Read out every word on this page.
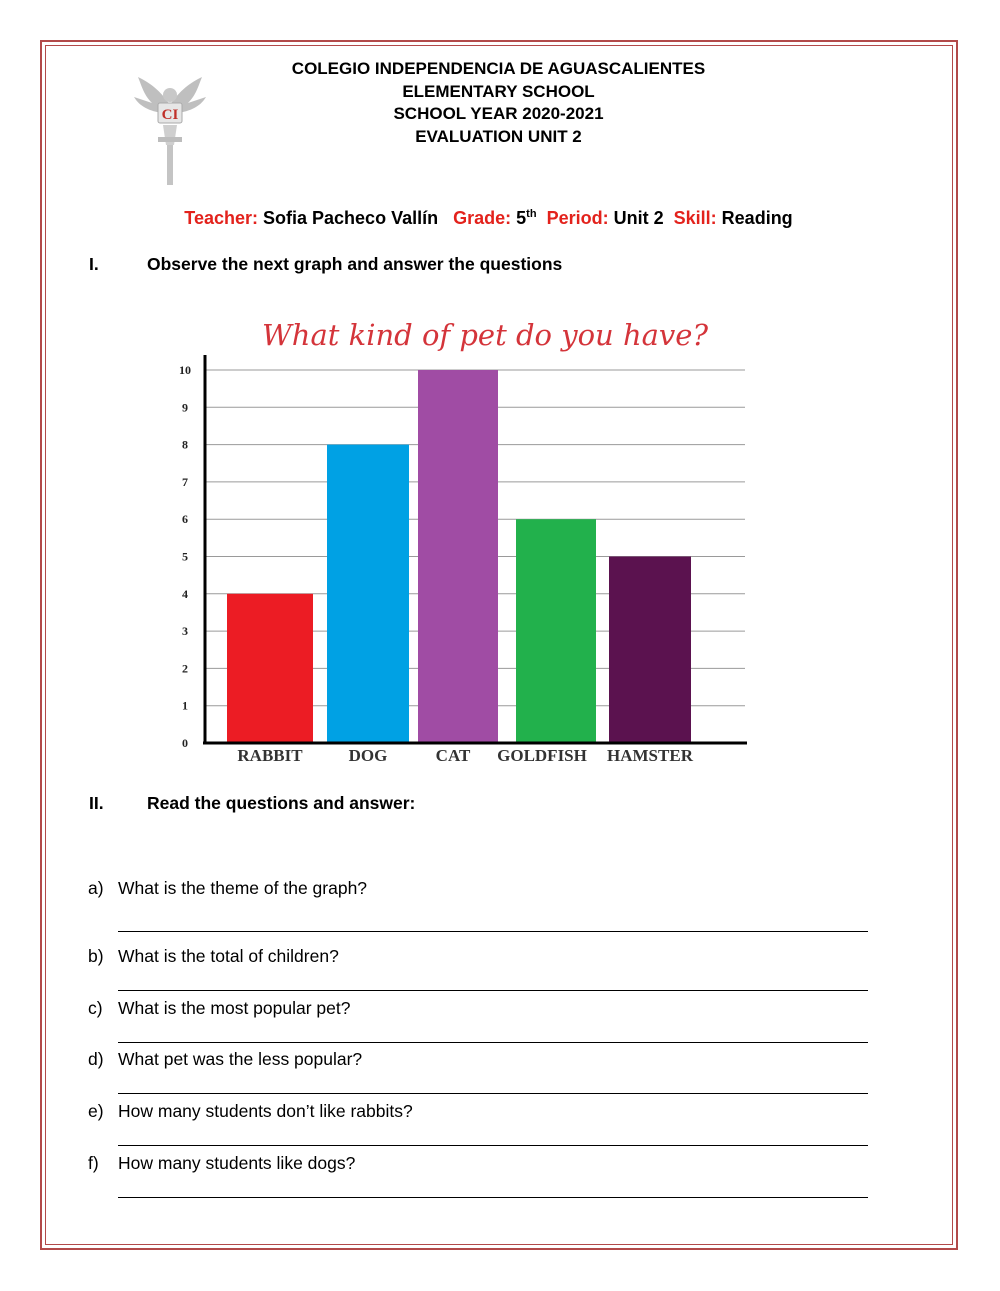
CI
COLEGIO INDEPENDENCIA DE AGUASCALIENTES
ELEMENTARY SCHOOL
SCHOOL YEAR 2020-2021
EVALUATION UNIT 2
Teacher: Sofia Pacheco Vallín Grade: 5th Period: Unit 2 Skill: Reading
I.	Observe the next graph and answer the questions
What kind of pet do you have?
0
1
2
3
4
5
6
7
8
9
10
RABBIT	DOG	CAT GOLDFISH HAMSTER
II. Read the questions and answer:
a) What is the theme of the graph?
b) What is the total of children?
c) What is the most popular pet?
d) What pet was the less popular?
e) How many students don’t like rabbits?
f) How many students like dogs?
